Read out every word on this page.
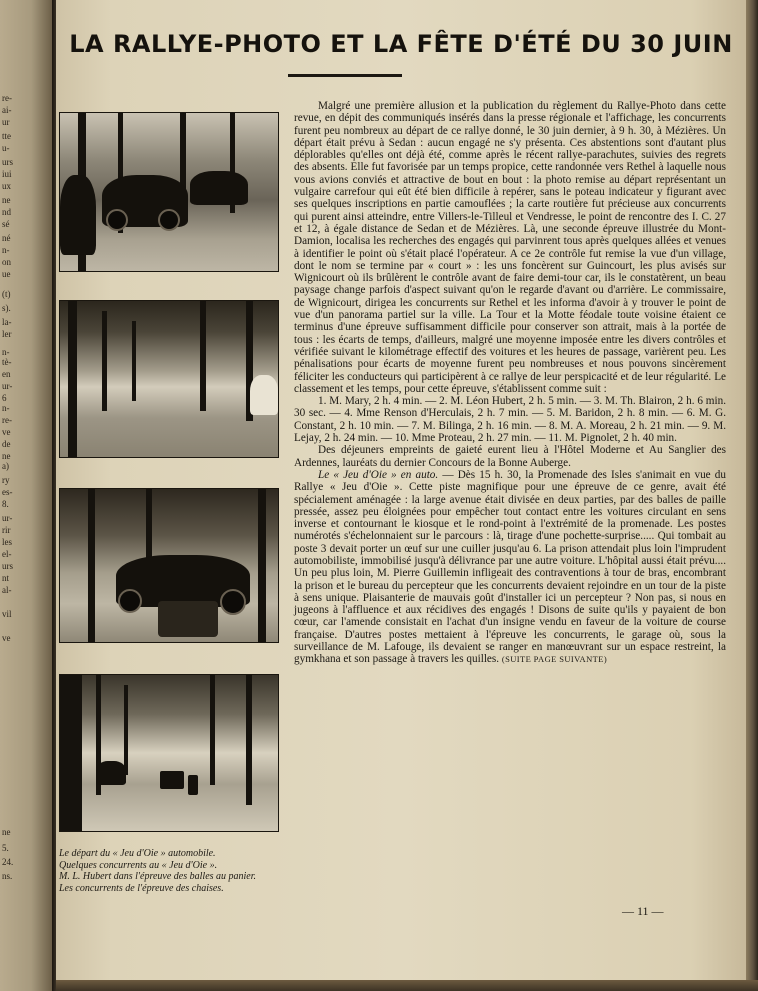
re-
ai-
ur
tte
u-
urs
iui
ux
ne
nd
sé
né
n-
on
ue
(t)
s).
la-
ler
n-
tè-
en
ur-
6
n-
re-
ve
de
ne
a)
ry
es-
8.
ur-
rir
les
el-
urs
nt
al-
vil
ve
ne
5.
24.
ns.
LA RALLYE-PHOTO ET LA FÊTE D'ÉTÉ DU 30 JUIN
Le départ du « Jeu d'Oie » automobile.
Quelques concurrents au « Jeu d'Oie ».
M. L. Hubert dans l'épreuve des balles au panier.
Les concurrents de l'épreuve des chaises.

Malgré une première allusion et la publication du règlement du Rallye-Photo dans cette revue, en dépit des communiqués insérés dans la presse régionale et l'affichage, les concurrents furent peu nombreux au départ de ce rallye donné, le 30 juin dernier, à 9 h. 30, à Mézières. Un départ était prévu à Sedan : aucun engagé ne s'y présenta. Ces abstentions sont d'autant plus déplorables qu'elles ont déjà été, comme après le récent rallye-parachutes, suivies des regrets des absents. Elle fut favorisée par un temps propice, cette randonnée vers Rethel à laquelle nous vous avions conviés et attractive de bout en bout : la photo remise au départ représentant un vulgaire carrefour qui eût été bien difficile à repérer, sans le poteau indicateur y figurant avec ses quelques inscriptions en partie camouflées ; la carte routière fut précieuse aux concurrents qui purent ainsi atteindre, entre Villers-le-Tilleul et Vendresse, le point de rencontre des I. C. 27 et 12, à égale distance de Sedan et de Mézières. Là, une seconde épreuve illustrée du Mont-Damion, localisa les recherches des engagés qui parvinrent tous après quelques allées et venues à identifier le point où s'était placé l'opérateur. A ce 2e contrôle fut remise la vue d'un village, dont le nom se termine par « court » : les uns foncèrent sur Guincourt, les plus avisés sur Wignicourt où ils brûlèrent le contrôle avant de faire demi-tour car, ils le constatèrent, un beau paysage change parfois d'aspect suivant qu'on le regarde d'avant ou d'arrière. Le commissaire, de Wignicourt, dirigea les concurrents sur Rethel et les informa d'avoir à y trouver le point de vue d'un panorama partiel sur la ville. La Tour et la Motte féodale toute voisine étaient ce terminus d'une épreuve suffisamment difficile pour conserver son attrait, mais à la portée de tous : les écarts de temps, d'ailleurs, malgré une moyenne imposée entre les divers contrôles et vérifiée suivant le kilométrage effectif des voitures et les heures de passage, varièrent peu. Les pénalisations pour écarts de moyenne furent peu nombreuses et nous pouvons sincèrement féliciter les conducteurs qui participèrent à ce rallye de leur perspicacité et de leur régularité. Le classement et les temps, pour cette épreuve, s'établissent comme suit :

1. M. Mary, 2 h. 4 min. — 2. M. Léon Hubert, 2 h. 5 min. — 3. M. Th. Blairon, 2 h. 6 min. 30 sec. — 4. Mme Renson d'Herculais, 2 h. 7 min. — 5. M. Baridon, 2 h. 8 min. — 6. M. G. Constant, 2 h. 10 min. — 7. M. Bilinga, 2 h. 16 min. — 8. M. A. Moreau, 2 h. 21 min. — 9. M. Lejay, 2 h. 24 min. — 10. Mme Proteau, 2 h. 27 min. — 11. M. Pignolet, 2 h. 40 min.

Des déjeuners empreints de gaieté eurent lieu à l'Hôtel Moderne et Au Sanglier des Ardennes, lauréats du dernier Concours de la Bonne Auberge.

Le « Jeu d'Oie » en auto. — Dès 15 h. 30, la Promenade des Isles s'animait en vue du Rallye « Jeu d'Oie ». Cette piste magnifique pour une épreuve de ce genre, avait été spécialement aménagée : la large avenue était divisée en deux parties, par des balles de paille pressée, assez peu éloignées pour empêcher tout contact entre les voitures circulant en sens inverse et contournant le kiosque et le rond-point à l'extrémité de la promenade. Les postes numérotés s'échelonnaient sur le parcours : là, tirage d'une pochette-surprise..... Qui tombait au poste 3 devait porter un œuf sur une cuiller jusqu'au 6. La prison attendait plus loin l'imprudent automobiliste, immobilisé jusqu'à délivrance par une autre voiture. L'hôpital aussi était prévu.... Un peu plus loin, M. Pierre Guillemin infligeait des contraventions à tour de bras, encombrant la prison et le bureau du percepteur que les concurrents devaient rejoindre en un tour de la piste à sens unique. Plaisanterie de mauvais goût d'installer ici un percepteur ? Non pas, si nous en jugeons à l'affluence et aux récidives des engagés ! Disons de suite qu'ils y payaient de bon cœur, car l'amende consistait en l'achat d'un insigne vendu en faveur de la voiture de course française. D'autres postes mettaient à l'épreuve les concurrents, le garage où, sous la surveillance de M. Lafouge, ils devaient se ranger en manœuvrant sur un espace restreint, la gymkhana et son passage à travers les quilles. (SUITE PAGE SUIVANTE)

— 11 —
